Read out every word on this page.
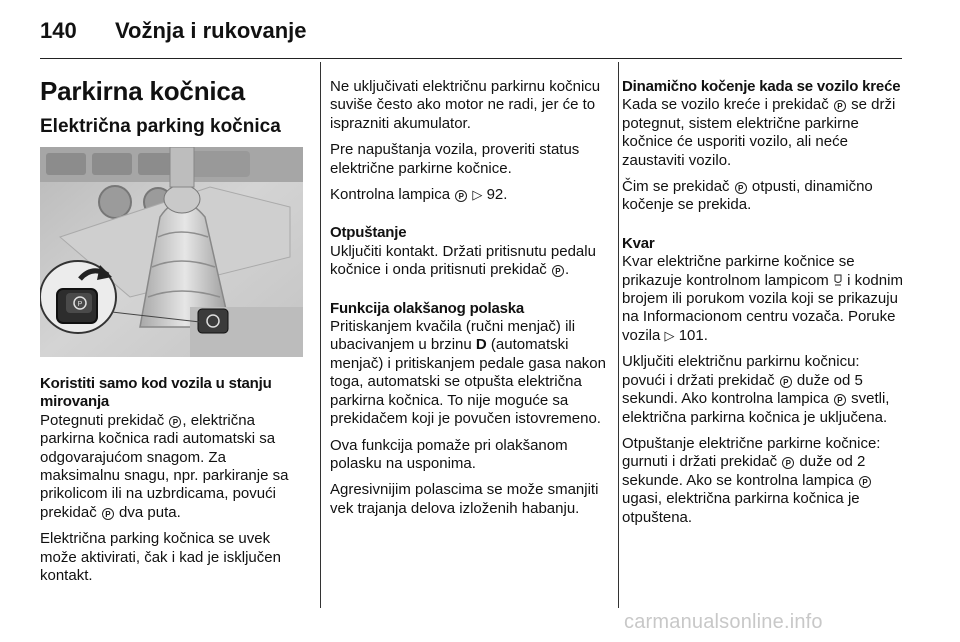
140 Vožnja i rukovanje
Parkirna kočnica
Električna parking kočnica
P
Koristiti samo kod vozila u stanju mirovanja

Potegnuti prekidač P , električna parkirna kočnica radi automatski sa odgovarajućom snagom. Za maksimalnu snagu, npr. parkiranje sa prikolicom ili na uzbrdicama, povući prekidač P dva puta.

Električna parking kočnica se uvek može aktivirati, čak i kad je isključen kontakt.

Ne uključivati električnu parkirnu kočnicu suviše često ako motor ne radi, jer će to isprazniti akumulator.

Pre napuštanja vozila, proveriti status električne parkirne kočnice.

Kontrolna lampica P ▷ 92.

Otpuštanje

Uključiti kontakt. Držati pritisnutu pedalu kočnice i onda pritisnuti prekidač P .

Funkcija olakšanog polaska

Pritiskanjem kvačila (ručni menjač) ili ubacivanjem u brzinu D (automatski menjač) i pritiskanjem pedale gasa nakon toga, automatski se otpušta električna parkirna kočnica. To nije moguće sa prekidačem koji je povučen istovremeno.

Ova funkcija pomaže pri olakšanom polasku na usponima.

Agresivnijim polascima se može smanjiti vek trajanja delova izloženih habanju.

Dinamično kočenje kada se vozilo kreće

Kada se vozilo kreće i prekidač P se drži potegnut, sistem električne parkirne kočnice će usporiti vozilo, ali neće zaustaviti vozilo.

Čim se prekidač P otpusti, dinamično kočenje se prekida.

Kvar

Kvar električne parkirne kočnice se prikazuje kontrolnom lampicom  i kodnim brojem ili porukom vozila koji se prikazuju na Informacionom centru vozača. Poruke vozila ▷ 101.

Uključiti električnu parkirnu kočnicu: povući i držati prekidač P duže od 5 sekundi. Ako kontrolna lampica P svetli, električna parkirna kočnica je uključena.

Otpuštanje električne parkirne kočnice: gurnuti i držati prekidač P duže od 2 sekunde. Ako se kontrolna lampica P ugasi, električna parkirna kočnica je otpuštena.

carmanualsonline.info
